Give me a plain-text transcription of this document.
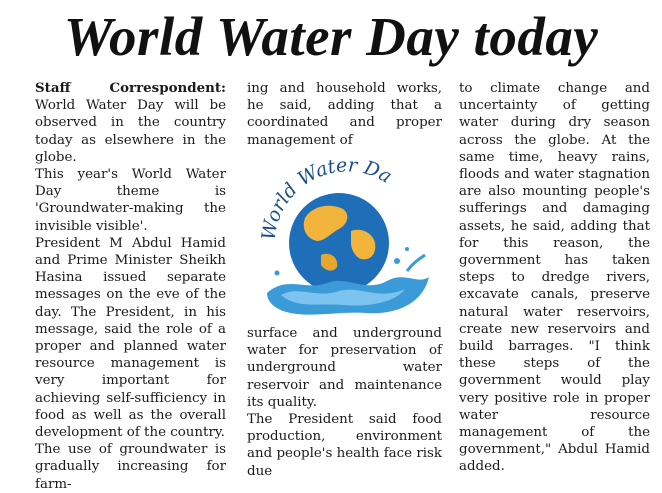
World Water Day today
Staff Correspondent: World Water Day will be observed in the country today as elsewhere in the globe.
This year's World Water Day theme is 'Groundwater-making the invisible visible'.
President M Abdul Hamid and Prime Minister Sheikh Hasina issued separate messages on the eve of the day. The President, in his message, said the role of a proper and planned water resource management is very important for achieving self-sufficiency in food as well as the overall development of the country.
The use of groundwater is gradually increasing for farm-
ing and household works, he said, adding that a coordinated and proper management of
World Water Da
surface and underground water for preservation of underground water reservoir and maintenance its quality.
The President said food production, environment and people's health face risk due
to climate change and uncertainty of getting water during dry season across the globe. At the same time, heavy rains, floods and water stagnation are also mounting people's sufferings and damaging assets, he said, adding that for this reason, the government has taken steps to dredge rivers, excavate canals, preserve natural water reservoirs, create new reservoirs and build barrages. "I think these steps of the government would play very positive role in proper water resource management of the government," Abdul Hamid added.
